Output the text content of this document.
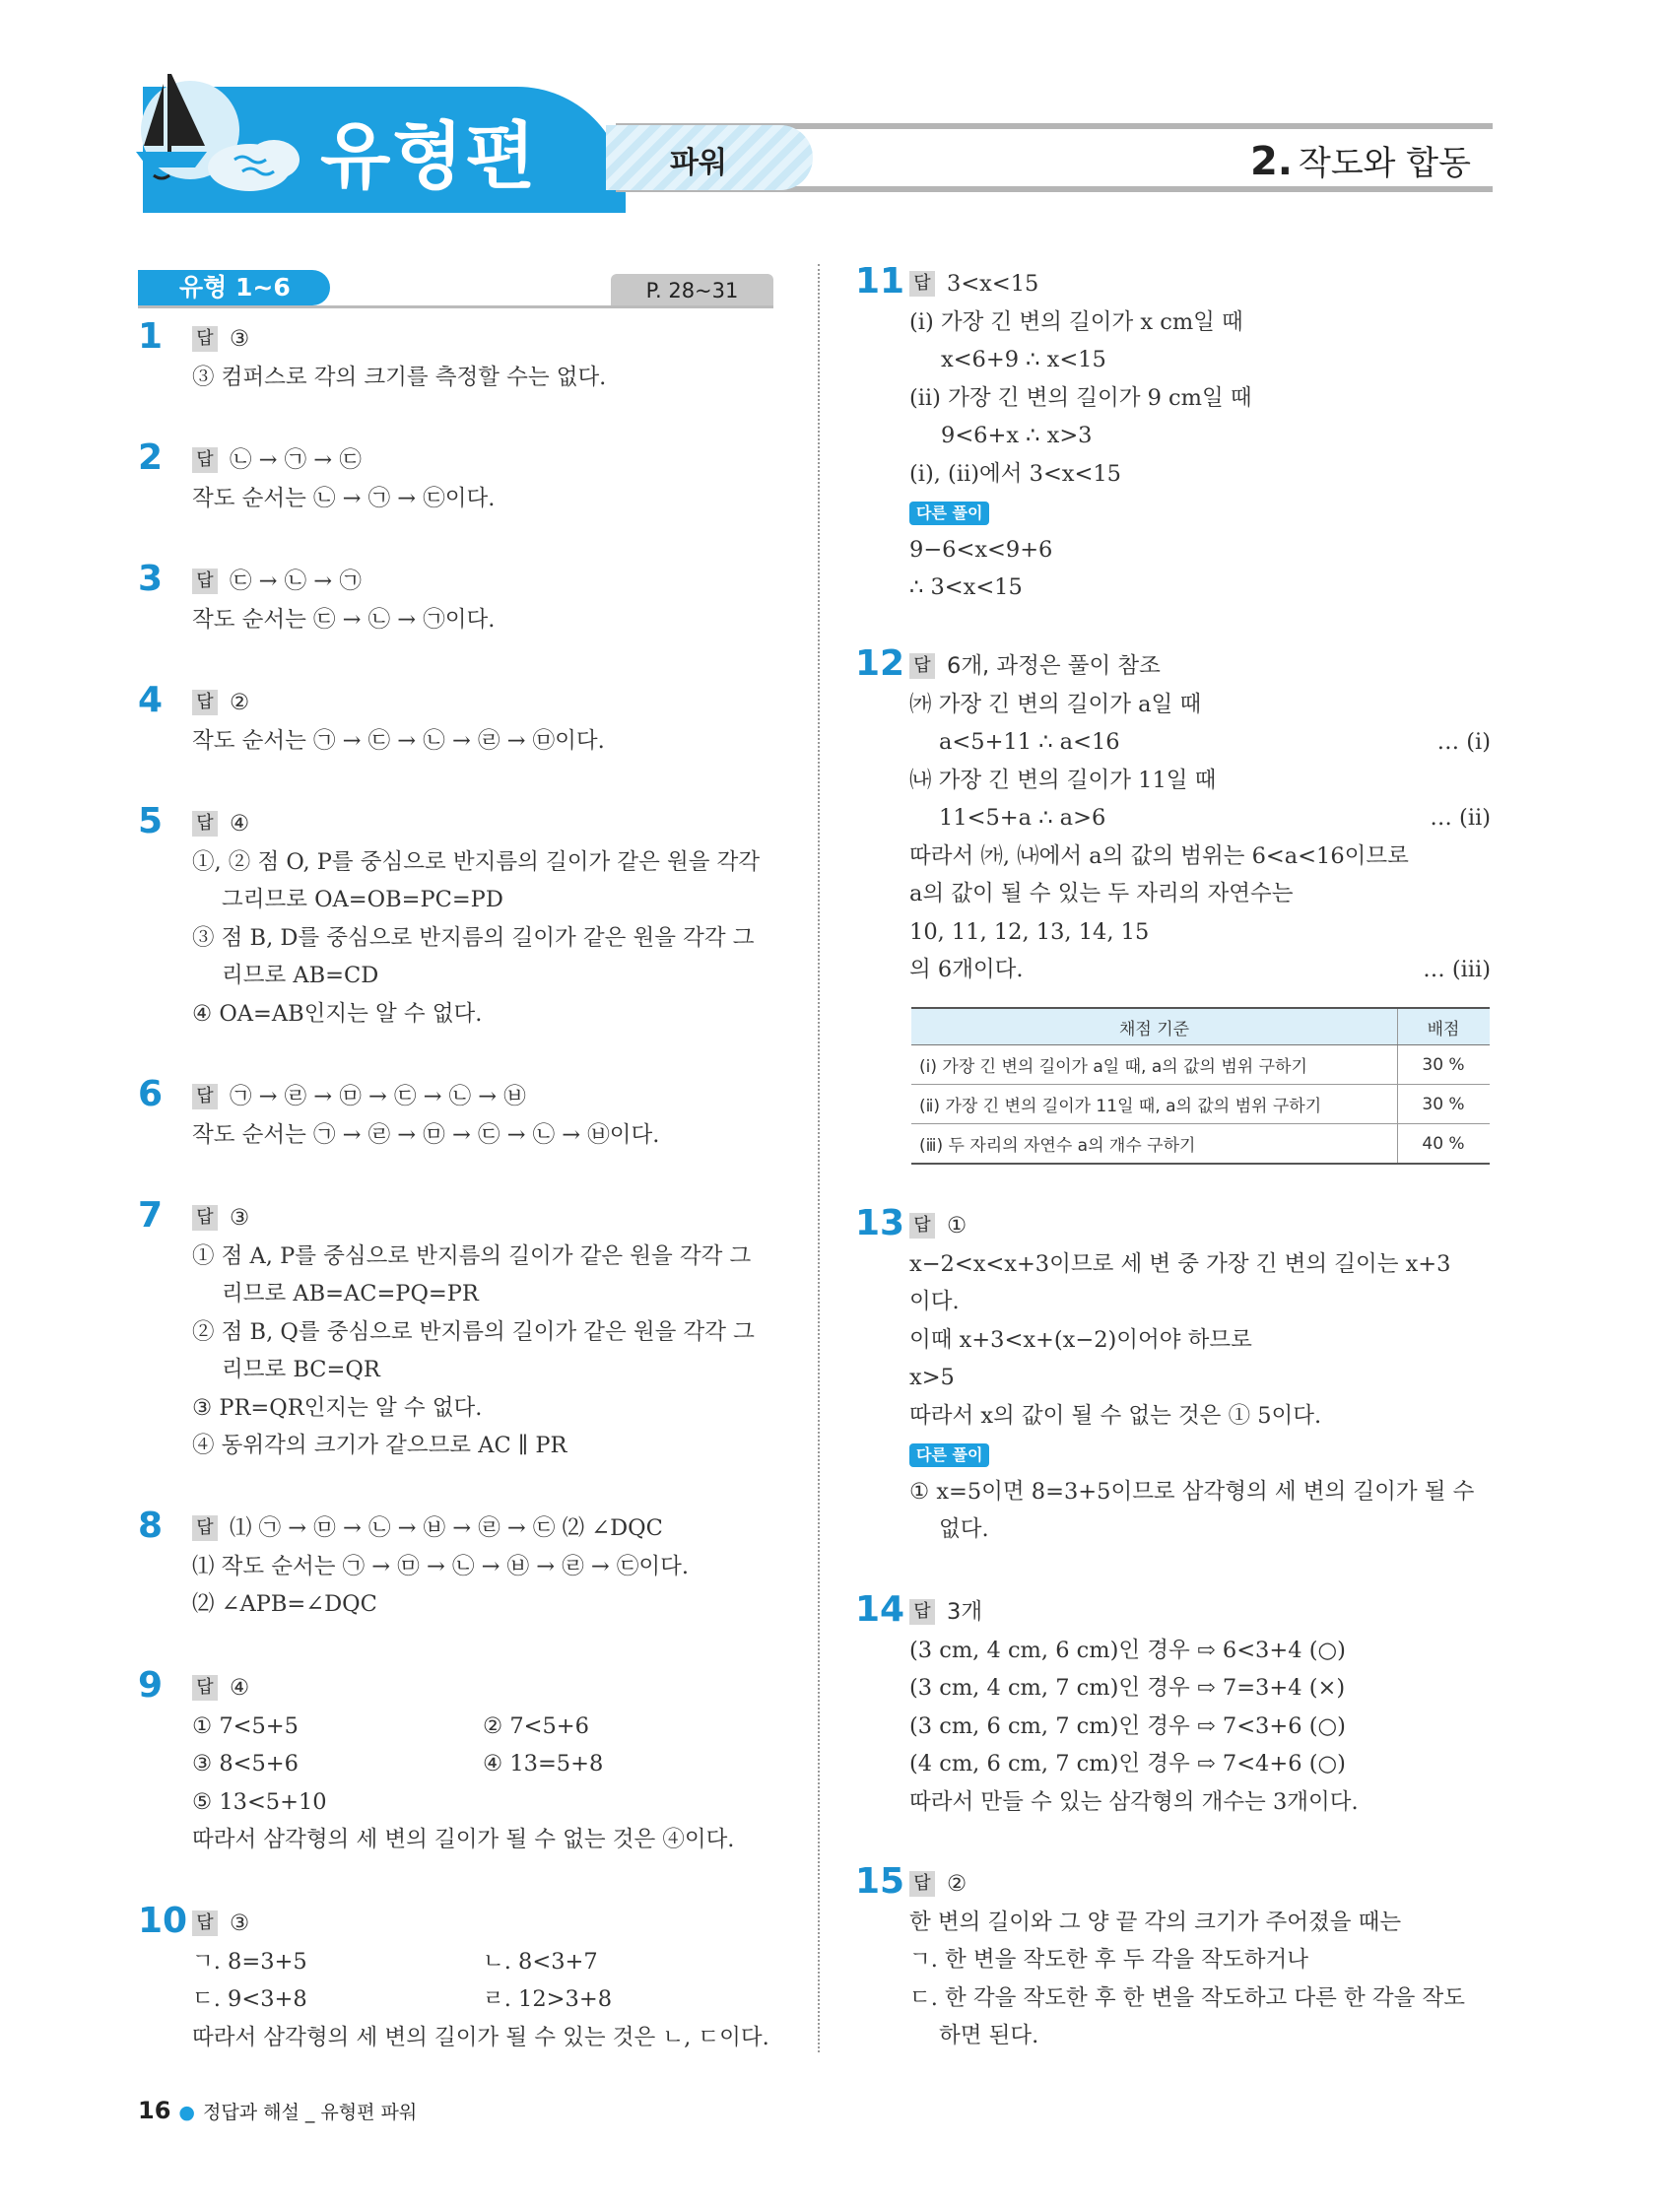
유형편	파워	2. 작도와 합동
유형 1~6	P. 28~31
1 답 ③
③ 컴퍼스로 각의 크기를 측정할 수는 없다.
2 답 ㉡ → ㉠ → ㉢
작도 순서는 ㉡ → ㉠ → ㉢이다.
3 답 ㉢ → ㉡ → ㉠
작도 순서는 ㉢ → ㉡ → ㉠이다.
4 답 ②
작도 순서는 ㉠ → ㉢ → ㉡ → ㉣ → ㉤이다.
5 답 ④
①, ② 점 O, P를 중심으로 반지름의 길이가 같은 원을 각각
그리므로 OA=OB=PC=PD
③ 점 B, D를 중심으로 반지름의 길이가 같은 원을 각각 그
리므로 AB=CD
④ OA=AB인지는 알 수 없다.
6 답 ㉠ → ㉣ → ㉤ → ㉢ → ㉡ → ㉥
작도 순서는 ㉠ → ㉣ → ㉤ → ㉢ → ㉡ → ㉥이다.
7 답 ③
① 점 A, P를 중심으로 반지름의 길이가 같은 원을 각각 그
리므로 AB=AC=PQ=PR
② 점 B, Q를 중심으로 반지름의 길이가 같은 원을 각각 그
리므로 BC=QR
③ PR=QR인지는 알 수 없다.
④ 동위각의 크기가 같으므로 AC ∥ PR
8 답 ⑴ ㉠ → ㉤ → ㉡ → ㉥ → ㉣ → ㉢ ⑵ ∠DQC
⑴ 작도 순서는 ㉠ → ㉤ → ㉡ → ㉥ → ㉣ → ㉢이다.
⑵ ∠APB=∠DQC
9 답 ④
① 7<5+5	② 7<5+6
③ 8<5+6	④ 13=5+8
⑤ 13<5+10
따라서 삼각형의 세 변의 길이가 될 수 없는 것은 ④이다.
10 답 ③
ㄱ. 8=3+5	ㄴ. 8<3+7
ㄷ. 9<3+8	ㄹ. 12>3+8
따라서 삼각형의 세 변의 길이가 될 수 있는 것은 ㄴ, ㄷ이다.
11 답 3<x<15
(ⅰ) 가장 긴 변의 길이가 x cm일 때
x<6+9 ∴ x<15
(ⅱ) 가장 긴 변의 길이가 9 cm일 때
9<6+x ∴ x>3
(ⅰ), (ⅱ)에서 3<x<15
다른 풀이
9−6<x<9+6
∴ 3<x<15
12 답 6개, 과정은 풀이 참조
㈎ 가장 긴 변의 길이가 a일 때
a<5+11 ∴ a<16	… (ⅰ)
㈏ 가장 긴 변의 길이가 11일 때
11<5+a ∴ a>6	… (ⅱ)
따라서 ㈎, ㈏에서 a의 값의 범위는 6<a<16이므로
a의 값이 될 수 있는 두 자리의 자연수는
10, 11, 12, 13, 14, 15
의 6개이다.	… (ⅲ)
채점 기준	배점
(ⅰ) 가장 긴 변의 길이가 a일 때, a의 값의 범위 구하기	30 %
(ⅱ) 가장 긴 변의 길이가 11일 때, a의 값의 범위 구하기	30 %
(ⅲ) 두 자리의 자연수 a의 개수 구하기	40 %
13 답 ①
x−2<x<x+3이므로 세 변 중 가장 긴 변의 길이는 x+3
이다.
이때 x+3<x+(x−2)이어야 하므로
x>5
따라서 x의 값이 될 수 없는 것은 ① 5이다.
다른 풀이
① x=5이면 8=3+5이므로 삼각형의 세 변의 길이가 될 수
없다.
14 답 3개
(3 cm, 4 cm, 6 cm)인 경우 ⇨ 6<3+4 (○)
(3 cm, 4 cm, 7 cm)인 경우 ⇨ 7=3+4 (×)
(3 cm, 6 cm, 7 cm)인 경우 ⇨ 7<3+6 (○)
(4 cm, 6 cm, 7 cm)인 경우 ⇨ 7<4+6 (○)
따라서 만들 수 있는 삼각형의 개수는 3개이다.
15 답 ②
한 변의 길이와 그 양 끝 각의 크기가 주어졌을 때는
ㄱ. 한 변을 작도한 후 두 각을 작도하거나
ㄷ. 한 각을 작도한 후 한 변을 작도하고 다른 한 각을 작도
하면 된다.
16 ● 정답과 해설 _ 유형편 파워
